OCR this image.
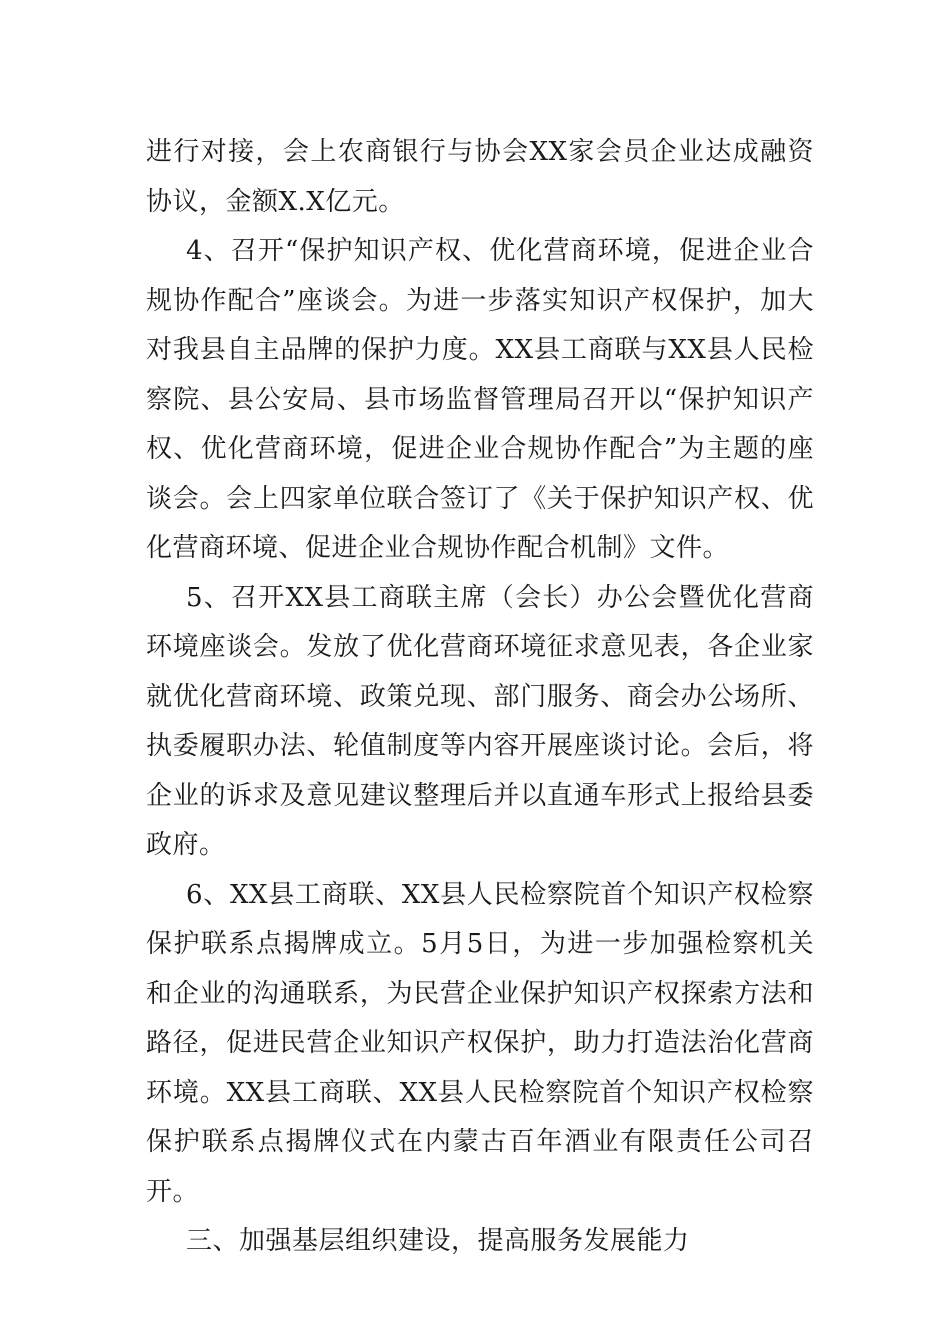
进行对接，会上农商银行与协会XX家会员企业达成融资协议，金额X.X亿元。

4、召开“保护知识产权、优化营商环境，促进企业合规协作配合”座谈会。为进一步落实知识产权保护，加大对我县自主品牌的保护力度。XX县工商联与XX县人民检察院、县公安局、县市场监督管理局召开以“保护知识产权、优化营商环境，促进企业合规协作配合”为主题的座谈会。会上四家单位联合签订了《关于保护知识产权、优化营商环境、促进企业合规协作配合机制》文件。

5、召开XX县工商联主席（会长）办公会暨优化营商环境座谈会。发放了优化营商环境征求意见表，各企业家就优化营商环境、政策兑现、部门服务、商会办公场所、执委履职办法、轮值制度等内容开展座谈讨论。会后，将企业的诉求及意见建议整理后并以直通车形式上报给县委政府。

6、XX县工商联、XX县人民检察院首个知识产权检察保护联系点揭牌成立。5月5日，为进一步加强检察机关和企业的沟通联系，为民营企业保护知识产权探索方法和路径，促进民营企业知识产权保护，助力打造法治化营商环境。XX县工商联、XX县人民检察院首个知识产权检察保护联系点揭牌仪式在内蒙古百年酒业有限责任公司召开。

三、加强基层组织建设，提高服务发展能力
